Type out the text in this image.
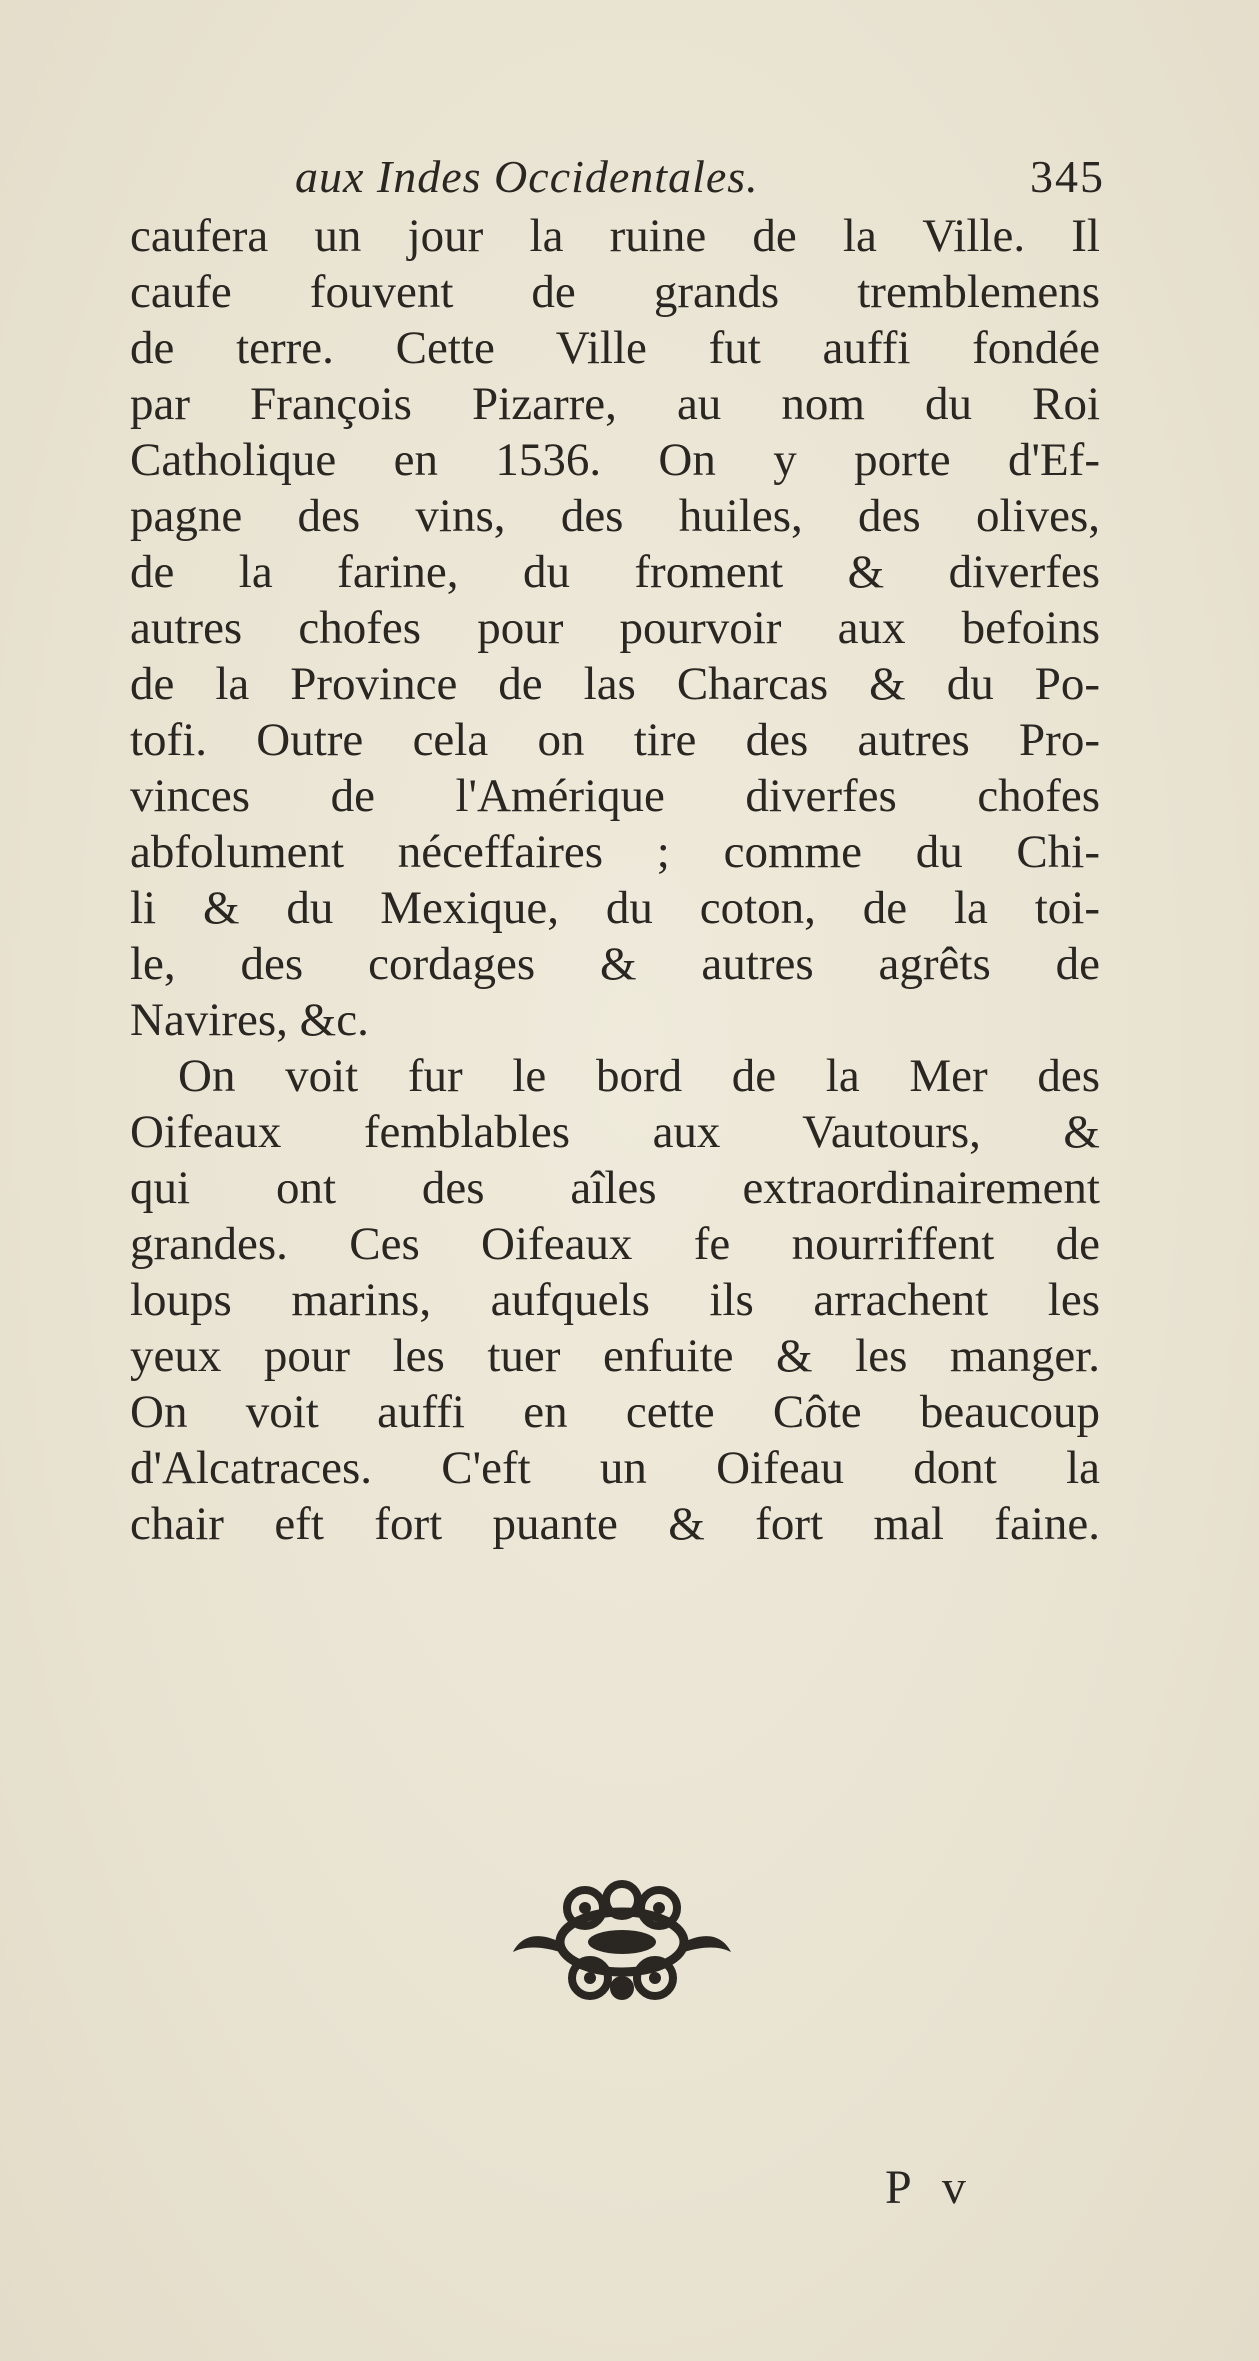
aux Indes Occidentales.	345
caufera un jour la ruine de la Ville. Il
caufe fouvent de grands tremblemens
de terre. Cette Ville fut auffi fondée
par François Pizarre, au nom du Roi
Catholique en 1536. On y porte d'Ef-
pagne des vins, des huiles, des olives,
de la farine, du froment & diverfes
autres chofes pour pourvoir aux befoins
de la Province de las Charcas & du Po-
tofi. Outre cela on tire des autres Pro-
vinces de l'Amérique diverfes chofes
abfolument néceffaires ; comme du Chi-
li & du Mexique, du coton, de la toi-
le, des cordages & autres agrêts de
Navires, &c.
On voit fur le bord de la Mer des
Oifeaux femblables aux Vautours, &
qui ont des aîles extraordinairement
grandes. Ces Oifeaux fe nourriffent de
loups marins, aufquels ils arrachent les
yeux pour les tuer enfuite & les manger.
On voit auffi en cette Côte beaucoup
d'Alcatraces. C'eft un Oifeau dont la
chair eft fort puante & fort mal faine.
P v
